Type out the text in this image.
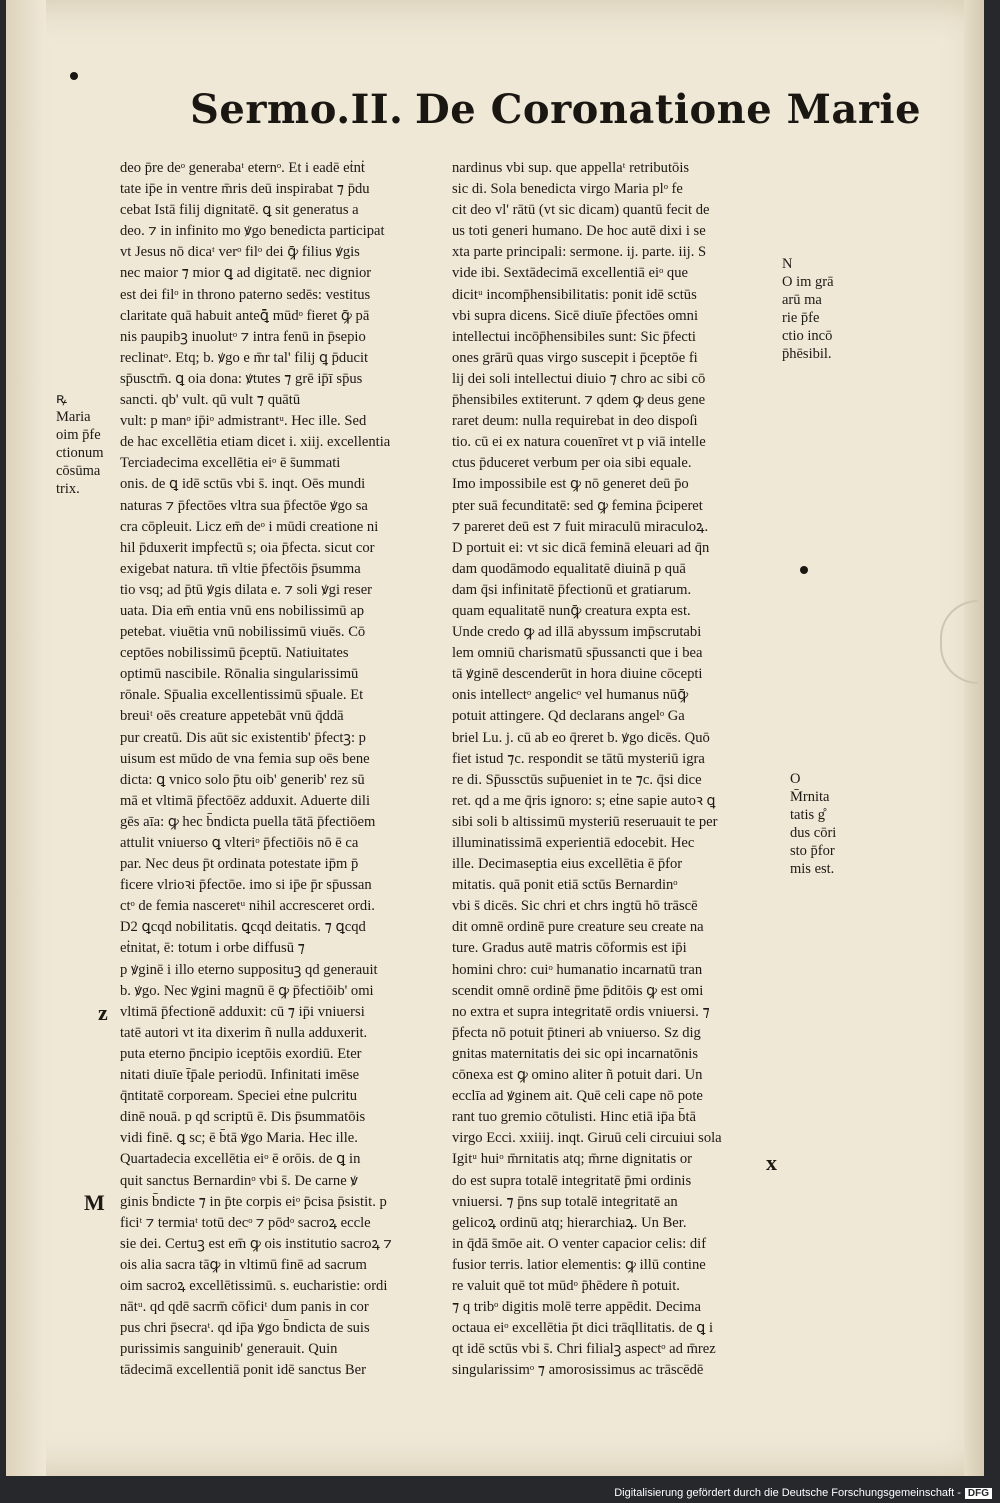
Sermo.II. De Coronatione Marie
deo p̄re deᵒ generabaᵗ eternᵒ. Et i eadē eṫnṫ
tate ip̄e in ventre m̄ris deū inspirabat ⁊ p̄du
cebat Istā filij dignitatē. ꝗ sit generatus a
deo. ⁊ in infinito mo ꝟgo benedicta participat
vt Jesus nō dicaᵗ verᵒ filᵒ dei ꝙ̄ filius ꝟgis
nec maior ⁊ mior ꝗ ad digitatē. nec dignior
est dei filᵒ in throno paterno sedēs: vestitus
claritate quā habuit anteꝗ̄ mūdᵒ fieret ꝙ̄ pā
nis paupibꝫ inuolutᵒ ⁊ intra fenū in p̄sepio
reclinatᵒ. Etq; b. ꝟgo e m̄r tal' filij ꝗ p̄ducit
sp̄usctm̄. ꝗ oia dona: ꝟtutes ⁊ grē ip̄ī sp̄us
sancti. qb' vult. qū vult ⁊ quātū
vult: p manᵒ ip̄iᵒ admistrantᵘ. Hec ille. Sed
de hac excellētia etiam dicet i. xiij. excellentia
Terciadecima excellētia eiᵒ ē s̄ummati
onis. de ꝗ idē sctūs vbi s̄. inqt. Oēs mundi
naturas ⁊ p̄fectōes vltra sua p̄fectōe ꝟgo sa
cra cōpleuit. Licz em̄ deᵒ i mūdi creatione ni
hil p̄duxerit impfectū s; oia p̄fecta. sicut cor
exigebat natura. tn̄ vltie p̄fectōis p̄summa
tio vsq; ad p̄tū ꝟgis dilata e. ⁊ soli ꝟgi reser
uata. Dia em̄ entia vnū ens nobilissimū ap
petebat. viuētia vnū nobilissimū viuēs. Cō
ceptōes nobilissimū p̄ceptū. Natiuitates
optimū nascibile. Rōnalia singularissimū
rōnale. Sp̄ualia excellentissimū sp̄uale. Et
breuiᵗ oēs creature appetebāt vnū q̄ddā
pur creatū. Dis aūt sic existentib' p̄fectꝫ: p
uisum est mūdo de vna femia sup oēs bene
dicta: ꝗ vnico solo p̄tu oib' generib' rez sū
mā et vltimā p̄fectōēz adduxit. Aduerte dili
gēs aīa: ꝙ hec b̄ndicta puella tātā p̄fectiōem
attulit vniuerso ꝗ vlteriᵒ p̄fectiōis nō ē ca
par. Nec deus p̄t ordinata potestate ip̄m p̄
ficere vlrioꝛi p̄fectōe. imo si ip̄e p̄r sp̄ussan
ctᵒ de femia nasceretᵘ nihil accresceret ordi.
D2 ꝗcqd nobilitatis. ꝗcqd deitatis. ⁊ ꝗcqd
eṫnitat, ē: totum i orbe diffusū ⁊
p ꝟginē i illo eterno supposituꝫ qd generauit
b. ꝟgo. Nec ꝟgini magnū ē ꝙ p̄fectiōib' omi
vltimā p̄fectionē adduxit: cū ⁊ ip̄i vniuersi
tatē autori vt ita dixerim ñ nulla adduxerit.
puta eterno p̄ncipio iceptōis exordiū. Eter
nitati diuīe t̄p̄ale periodū. Infinitati imēse
q̄ntitatē corpoream. Speciei eṫne pulcritu
dinē nouā. p qd scriptū ē. Dis p̄summatōis
vidi finē. ꝗ sc; ē b̄tā ꝟgo Maria. Hec ille.
Quartadecia excellētia eiᵒ ē orōis. de ꝗ in
quit sanctus Bernardinᵒ vbi s̄. De carne ꝟ
ginis b̄ndicte ⁊ in p̄te corpis eiᵒ p̄cisa p̄sistit. p
ficiᵗ ⁊ termiaᵗ totū decᵒ ⁊ pōdᵒ sacroꝝ eccle
sie dei. Certuꝫ est em̄ ꝙ ois institutio sacroꝝ ⁊
ois alia sacra tāꝙ in vltimū finē ad sacrum
oim sacroꝝ excellētissimū. s. eucharistie: ordi
nātᵘ. qd qdē sacrm̄ cōficiᵗ dum panis in cor
pus chri p̄secraᵗ. qd ip̄a ꝟgo b̄ndicta de suis
purissimis sanguinib' generauit. Quin
tādecimā excellentiā ponit idē sanctus Ber
nardinus vbi sup. que appellaᵗ retributōis
sic di. Sola benedicta virgo Maria plᵒ fe
cit deo vl' rātū (vt sic dicam) quantū fecit de
us toti generi humano. De hoc autē dixi i se
xta parte principali: sermone. ij. parte. iij. S
vide ibi. Sextādecimā excellentiā eiᵒ que
dicitᵘ incomp̄hensibilitatis: ponit idē sctūs
vbi supra dicens. Sicē diuīe p̄fectōes omni
intellectui incōp̄hensibiles sunt: Sic p̄fecti
ones grārū quas virgo suscepit i p̄ceptōe fi
lij dei soli intellectui diuio ⁊ chro ac sibi cō
p̄hensibiles extiterunt. ⁊ qdem ꝙ deus gene
raret deum: nulla requirebat in deo dispoſi
tio. cū ei ex natura couenīret vt p viā intelle
ctus p̄duceret verbum per oia sibi equale.
Imo impossibile est ꝙ nō generet deū p̄o
pter suā fecunditatē: sed ꝙ femina p̄ciperet
⁊ pareret deū est ⁊ fuit miraculū miraculoꝝ.
D portuit ei: vt sic dicā feminā eleuari ad q̄n
dam quodāmodo equalitatē diuinā p quā
dam q̄si infinitatē p̄fectionū et gratiarum.
quam equalitatē nunꝙ̄ creatura expta est.
Unde credo ꝙ ad illā abyssum imp̄scrutabi
lem omniū charismatū sp̄ussancti que i bea
tā ꝟginē descenderūt in hora diuine cōcepti
onis intellectᵒ angelicᵒ vel humanus nūꝙ̄
potuit attingere. Qd declarans angelᵒ Ga
briel Lu. j. cū ab eo q̄reret b. ꝟgo dicēs. Quō
fiet istud ⁊c. respondit se tātū mysteriū igra
re di. Sp̄ussctūs sup̄ueniet in te ⁊c. q̄si dice
ret. qd a me q̄ris ignoro: s; eṫne sapie autoꝛ ꝗ
sibi soli b altissimū mysteriū reseruauit te per
illuminatissimā experientiā edocebit. Hec
ille. Decimaseptia eius excellētia ē p̄for
mitatis. quā ponit etiā sctūs Bernardinᵒ
vbi s̄ dicēs. Sic chri et chrs ingtū hō trāscē
dit omnē ordinē pure creature seu create na
ture. Gradus autē matris cōformis est ip̄i
homini chro: cuiᵒ humanatio incarnatū tran
scendit omnē ordinē p̄me p̄ditōis ꝙ est omi
no extra et supra integritatē ordis vniuersi. ⁊
p̄fecta nō potuit p̄tineri ab vniuerso. Sz dig
gnitas maternitatis dei sic opi incarnatōnis
cōnexa est ꝙ omino aliter ñ potuit dari. Un
ecclīa ad ꝟginem ait. Quē celi cape nō pote
rant tuo gremio cōtulisti. Hinc etiā ip̄a b̄tā
virgo Ecci. xxiiij. inqt. Giruū celi circuiui sola
Igitᵘ huiᵒ m̄rnitatis atq; m̄rne dignitatis or
do est supra totalē integritatē p̄mi ordinis
vniuersi. ⁊ p̄ns sup totalē integritatē an
gelicoꝝ ordinū atq; hierarchiaꝝ. Un Ber.
in q̄dā s̄mōe ait. O venter capacior celis: dif
fusior terris. latior elementis: ꝙ illū contine
re valuit quē tot mūdᵒ p̄hēdere ñ potuit.
⁊ q tribᵒ digitis molē terre appēdit. Decima
octaua eiᵒ excellētia p̄t dici trāqllitatis. de ꝗ i
qt idē sctūs vbi s̄. Chri filialꝫ aspectᵒ ad m̄rez
singularissimᵒ ⁊ amorosissimus ac trāscēdē
ꝶ
Maria
oim p̄fe
ctionum
cōsūma
trix.
N
O im grā
arū ma
rie p̄fe
ctio incō
p̄hēsibil.
O
M̄rnita
tatis g̊
dus cōri
sto p̄for
mis est.
z
M
x
Digitalisierung gefördert durch die Deutsche Forschungsgemeinschaft - DFG
